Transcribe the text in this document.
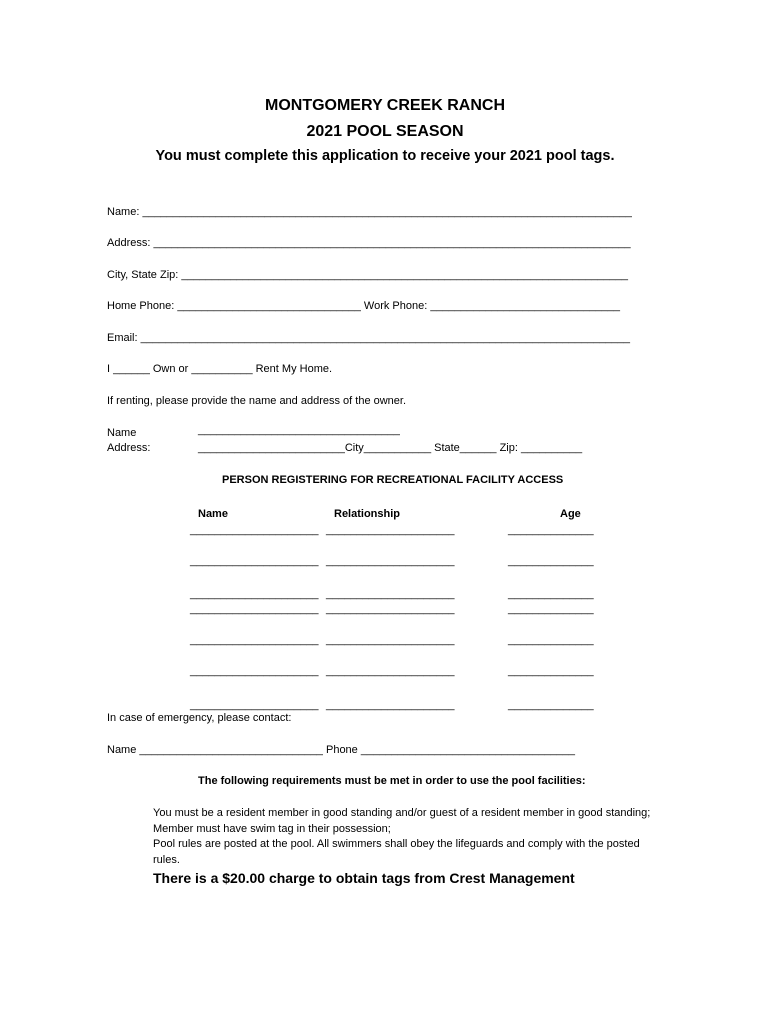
MONTGOMERY CREEK RANCH
2021 POOL SEASON
You must complete this application to receive your 2021 pool tags.
Name: ________________________________________________________________________________
Address: ______________________________________________________________________________
City, State Zip: _________________________________________________________________________
Home Phone: ______________________________ Work Phone: _______________________________
Email: ________________________________________________________________________________
I ______ Own or __________ Rent My Home.
If renting, please provide the name and address of the owner.
Name	_________________________________
Address:	________________________City___________ State______ Zip: __________
PERSON REGISTERING FOR RECREATIONAL FACILITY ACCESS
Name	Relationship	Age
_____________________ _____________________	______________
_____________________ _____________________	______________
_____________________ _____________________	______________
_____________________ _____________________	______________
_____________________ _____________________	______________
_____________________ _____________________	______________
_____________________ _____________________	______________
In case of emergency, please contact:
Name ______________________________ Phone ___________________________________
The following requirements must be met in order to use the pool facilities:
You must be a resident member in good standing and/or guest of a resident member in good standing;
Member must have swim tag in their possession;
Pool rules are posted at the pool. All swimmers shall obey the lifeguards and comply with the posted
rules.
There is a $20.00 charge to obtain tags from Crest Management
